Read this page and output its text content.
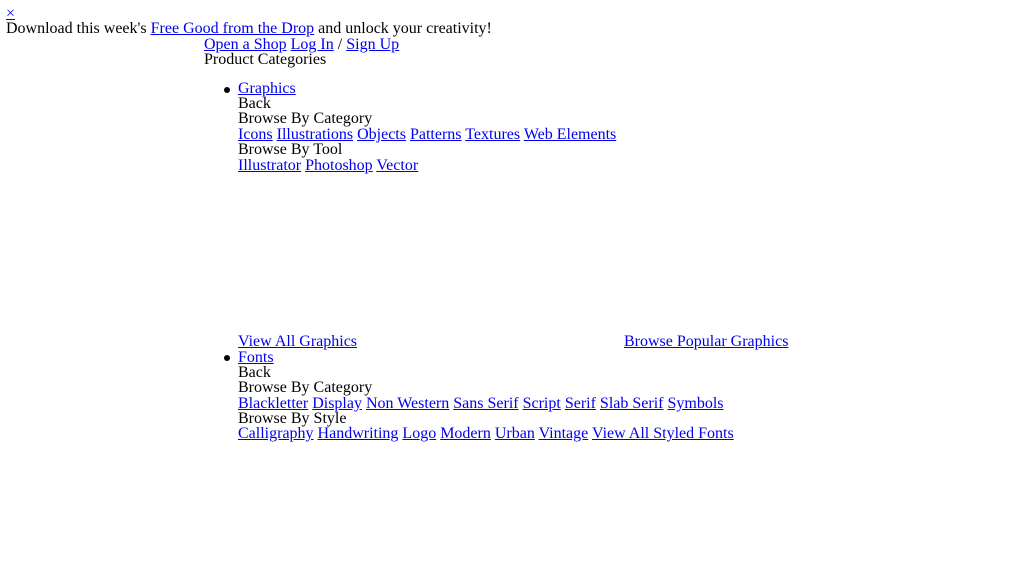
×
Download this week's Free Good from the Drop and unlock your creativity!
Open a Shop Log In / Sign Up
Product Categories
Graphics
Back
Browse By Category
Icons Illustrations Objects Patterns Textures Web Elements
Browse By Tool
Illustrator Photoshop Vector
View All Graphics	Browse Popular Graphics
Fonts
Back
Browse By Category
Blackletter Display Non Western Sans Serif Script Serif Slab Serif Symbols
Browse By Style
Calligraphy Handwriting Logo Modern Urban Vintage View All Styled Fonts
